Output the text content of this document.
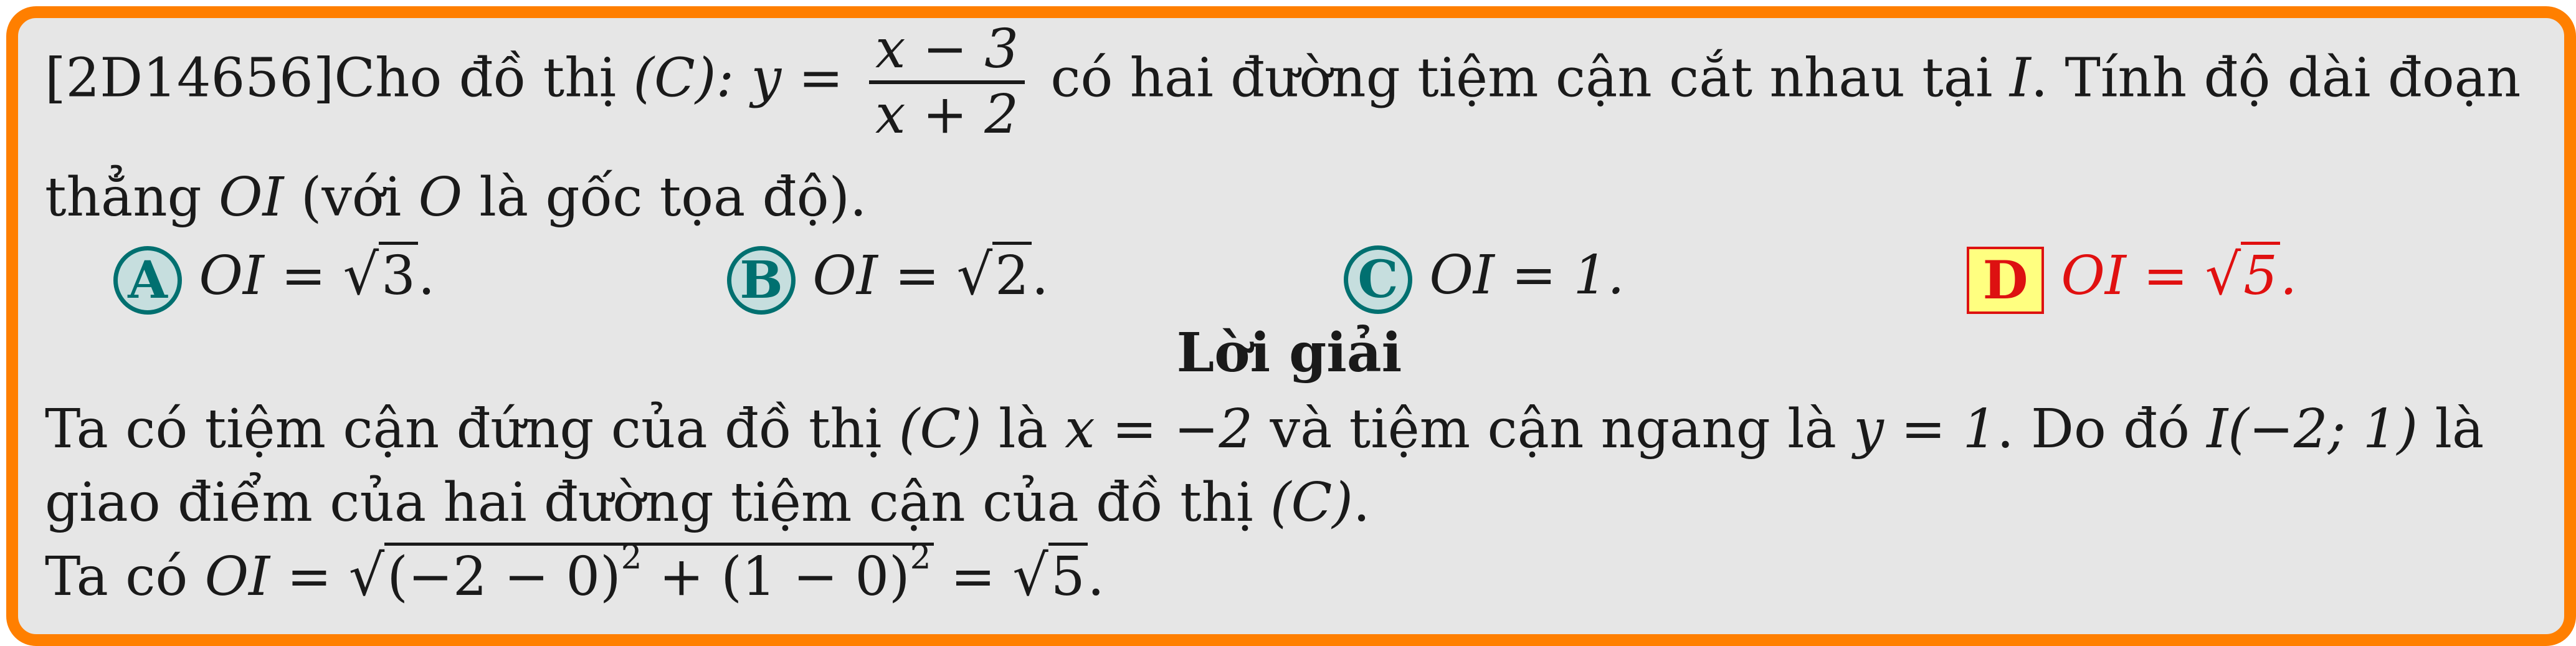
[2D14656]Cho đồ thị (C): $y = \frac{x - 3}{x + 2}$ có hai đường tiệm cận cắt nhau tại I. Tính độ dài đoạn
thẳng OI (với O là gốc tọa độ).
A OI = √3.	B OI = √2.	C OI = 1.	D OI = √5.
Lời giải
Ta có tiệm cận đứng của đồ thị (C) là x = −2 và tiệm cận ngang là y = 1. Do đó I(−2; 1) là
giao điểm của hai đường tiệm cận của đồ thị (C).
Ta có OI = $√(-2 - 0)^2 + (1 - 0)^2 = √5$.
